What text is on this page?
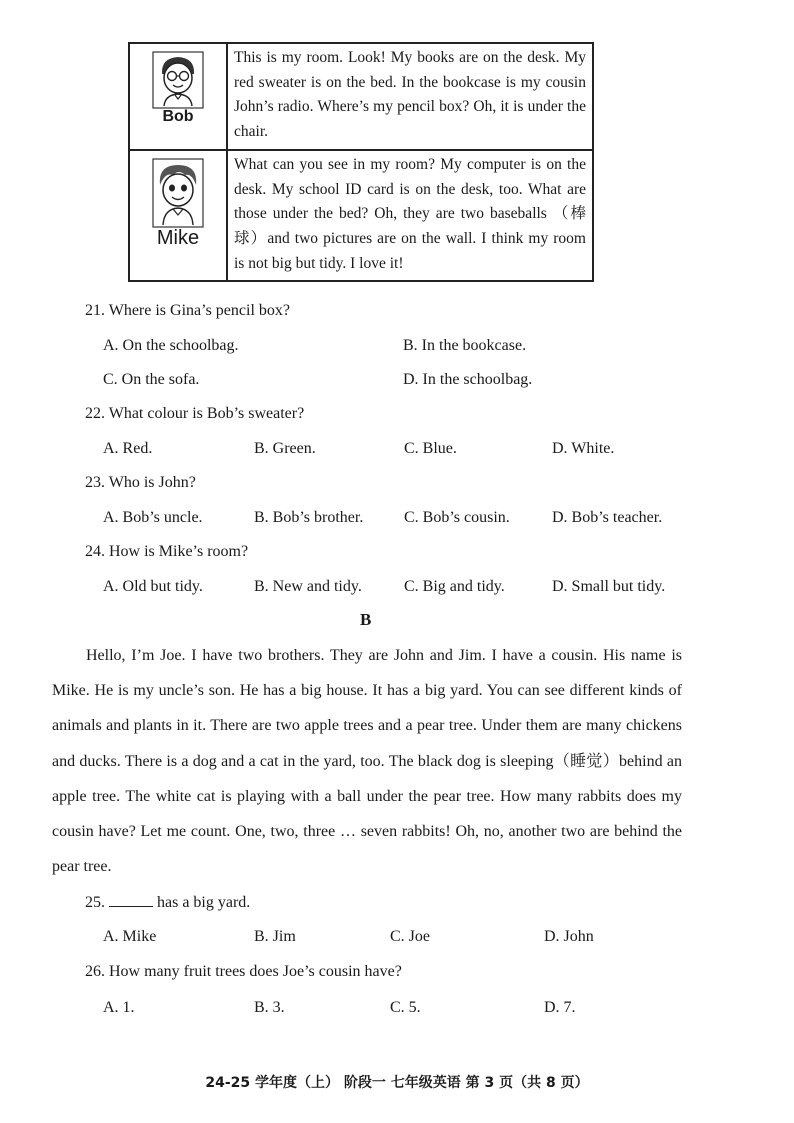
Bob	This is my room. Look! My books are on the desk. My red sweater is on the bed. In the bookcase is my cousin John’s radio. Where’s my pencil box? Oh, it is under the chair.

Mike	What can you see in my room? My computer is on the desk. My school ID card is on the desk, too. What are those under the bed? Oh, they are two baseballs （棒球）and two pictures are on the wall. I think my room is not big but tidy. I love it!
21. Where is Gina’s pencil box?
A. On the schoolbag.	B. In the bookcase.
C. On the sofa.	D. In the schoolbag.
22. What colour is Bob’s sweater?
A. Red.	B. Green.	C. Blue.	D. White.
23. Who is John?
A. Bob’s uncle.	B. Bob’s brother.	C. Bob’s cousin.	D. Bob’s teacher.
24. How is Mike’s room?
A. Old but tidy.	B. New and tidy.	C. Big and tidy.	D. Small but tidy.
B
Hello, I’m Joe. I have two brothers. They are John and Jim. I have a cousin. His name is Mike. He is my uncle’s son. He has a big house. It has a big yard. You can see different kinds of animals and plants in it. There are two apple trees and a pear tree. Under them are many chickens and ducks. There is a dog and a cat in the yard, too. The black dog is sleeping（睡觉）behind an apple tree. The white cat is playing with a ball under the pear tree. How many rabbits does my cousin have? Let me count. One, two, three … seven rabbits! Oh, no, another two are behind the pear tree.
25.	has a big yard.
A. Mike	B. Jim	C. Joe	D. John
26. How many fruit trees does Joe’s cousin have?
A. 1.	B. 3.	C. 5.	D. 7.
24-25 学年度（上） 阶段一 七年级英语 第 3 页（共 8 页）
